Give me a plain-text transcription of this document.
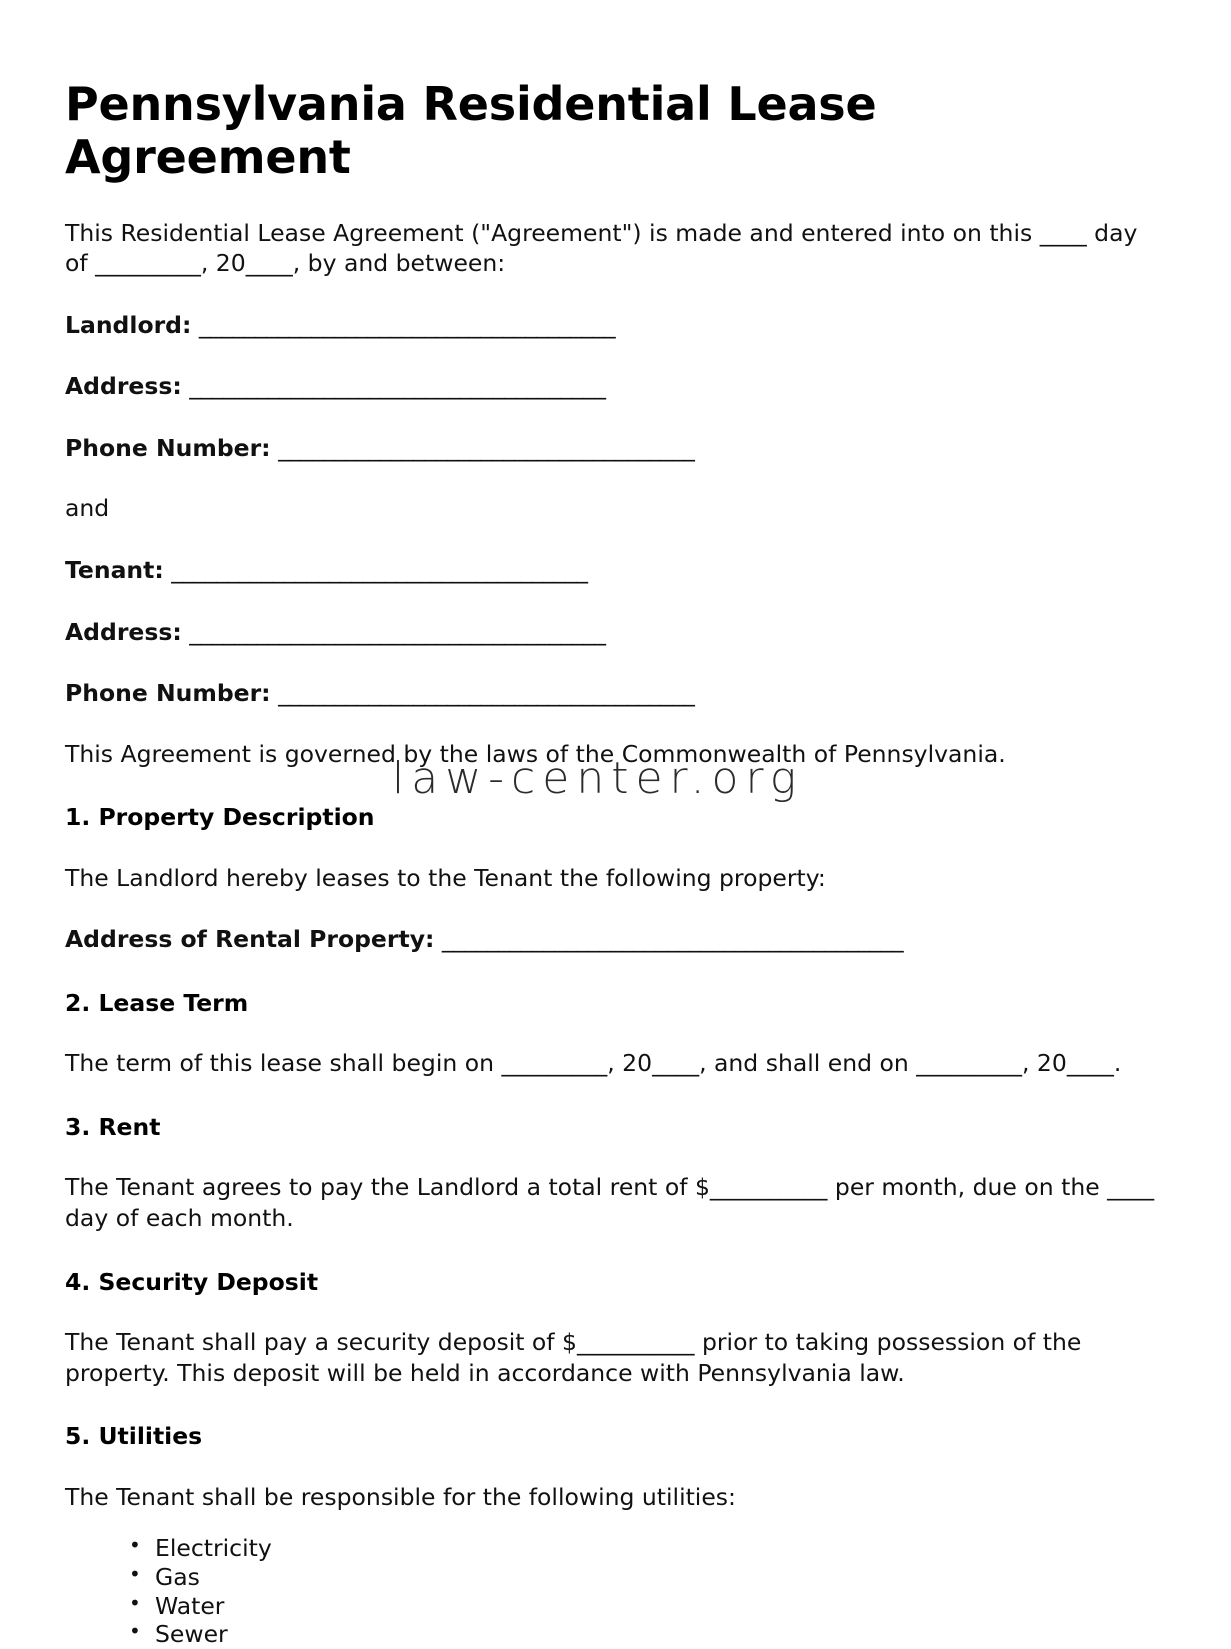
Pennsylvania Residential Lease Agreement

This Residential Lease Agreement ("Agreement") is made and entered into on this ____ day of _________, 20____, by and between:

Landlord: _____________________________________

Address: _____________________________________

Phone Number: _____________________________________

and

Tenant: _____________________________________

Address: _____________________________________

Phone Number: _____________________________________

This Agreement is governed by the laws of the Commonwealth of Pennsylvania.

1. Property Description

The Landlord hereby leases to the Tenant the following property:

Address of Rental Property: _________________________________________

2. Lease Term

The term of this lease shall begin on _________, 20____, and shall end on _________, 20____.

3. Rent

The Tenant agrees to pay the Landlord a total rent of $__________ per month, due on the ____ day of each month.

4. Security Deposit

The Tenant shall pay a security deposit of $__________ prior to taking possession of the property. This deposit will be held in accordance with Pennsylvania law.

5. Utilities

The Tenant shall be responsible for the following utilities:

• Electricity
• Gas
• Water
• Sewer
law-center.org
